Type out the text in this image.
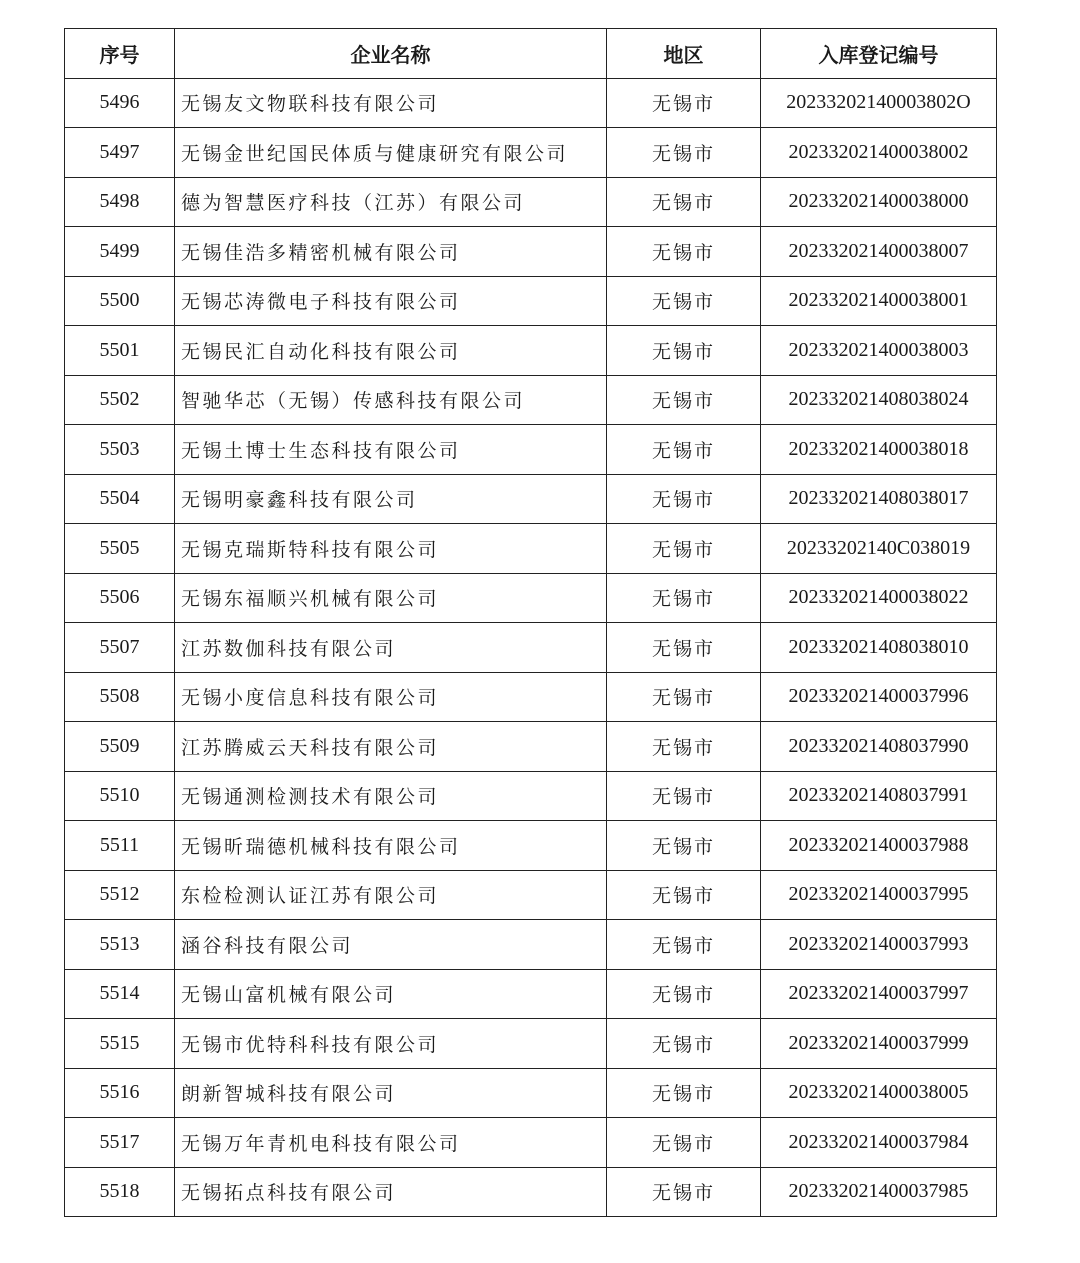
序号	企业名称	地区	入库登记编号
5496	无锡友文物联科技有限公司	无锡市	20233202140003802O
5497	无锡金世纪国民体质与健康研究有限公司	无锡市	202332021400038002
5498	德为智慧医疗科技（江苏）有限公司	无锡市	202332021400038000
5499	无锡佳浩多精密机械有限公司	无锡市	202332021400038007
5500	无锡芯涛微电子科技有限公司	无锡市	202332021400038001
5501	无锡民汇自动化科技有限公司	无锡市	202332021400038003
5502	智驰华芯（无锡）传感科技有限公司	无锡市	202332021408038024
5503	无锡土博士生态科技有限公司	无锡市	202332021400038018
5504	无锡明豪鑫科技有限公司	无锡市	202332021408038017
5505	无锡克瑞斯特科技有限公司	无锡市	20233202140C038019
5506	无锡东福顺兴机械有限公司	无锡市	202332021400038022
5507	江苏数伽科技有限公司	无锡市	202332021408038010
5508	无锡小度信息科技有限公司	无锡市	202332021400037996
5509	江苏腾威云天科技有限公司	无锡市	202332021408037990
5510	无锡通测检测技术有限公司	无锡市	202332021408037991
5511	无锡昕瑞德机械科技有限公司	无锡市	202332021400037988
5512	东检检测认证江苏有限公司	无锡市	202332021400037995
5513	涵谷科技有限公司	无锡市	202332021400037993
5514	无锡山富机械有限公司	无锡市	202332021400037997
5515	无锡市优特科科技有限公司	无锡市	202332021400037999
5516	朗新智城科技有限公司	无锡市	202332021400038005
5517	无锡万年青机电科技有限公司	无锡市	202332021400037984
5518	无锡拓点科技有限公司	无锡市	202332021400037985
